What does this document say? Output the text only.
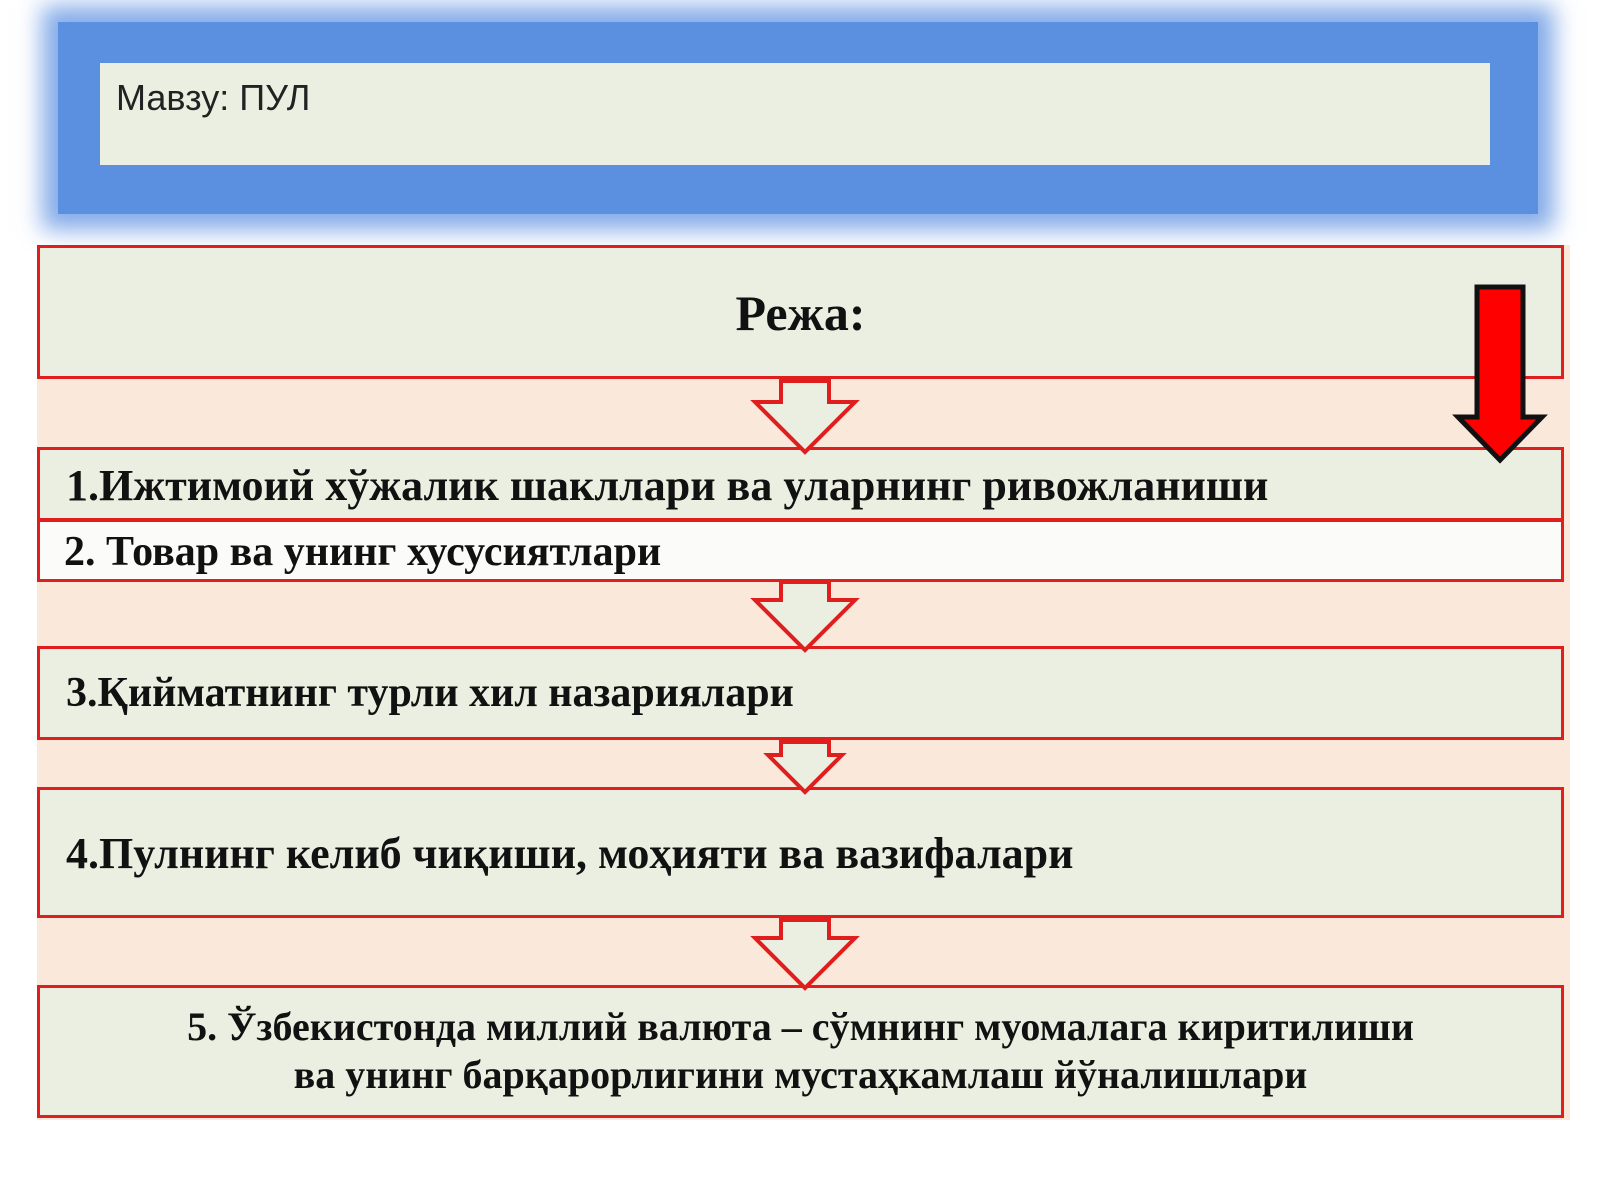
Мавзу: ПУЛ
Режа:
1.Ижтимоий хўжалик шакллари ва уларнинг ривожланиши
2. Товар ва унинг хусусиятлари
3.Қийматнинг турли хил назариялари
4.Пулнинг келиб чиқиши, моҳияти ва вазифалари
5. Ўзбекистонда миллий валюта – сўмнинг муомалага киритилиши
ва унинг барқарорлигини мустаҳкамлаш йўналишлари
